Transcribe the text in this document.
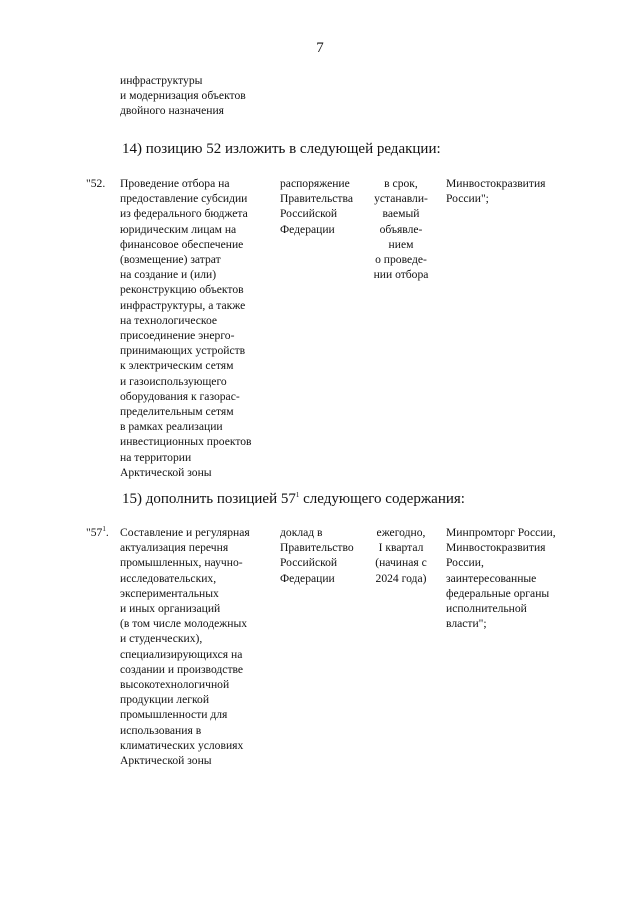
7
инфраструктуры
и модернизация объектов
двойного назначения
14) позицию 52 изложить в следующей редакции:
"52. Проведение отбора на
предоставление субсидии
из федерального бюджета
юридическим лицам на
финансовое обеспечение
(возмещение) затрат
на создание и (или)
реконструкцию объектов
инфраструктуры, а также
на технологическое
присоединение энерго-
принимающих устройств
к электрическим сетям
и газоиспользующего
оборудования к газорас-
пределительным сетям
в рамках реализации
инвестиционных проектов
на территории
Арктической зоны
распоряжение
Правительства
Российской
Федерации
в срок,
устанавли-
ваемый
объявле-
нием
о проведе-
нии отбора
Минвостокразвития
России";
15) дополнить позицией $57^1$ следующего содержания:
"$57^1$. Составление и регулярная
актуализация перечня
промышленных, научно-
исследовательских,
экспериментальных
и иных организаций
(в том числе молодежных
и студенческих),
специализирующихся на
создании и производстве
высокотехнологичной
продукции легкой
промышленности для
использования в
климатических условиях
Арктической зоны
доклад в
Правительство
Российской
Федерации
ежегодно,
I квартал
(начиная с
2024 года)
Минпромторг России,
Минвостокразвития
России,
заинтересованные
федеральные органы
исполнительной
власти";
